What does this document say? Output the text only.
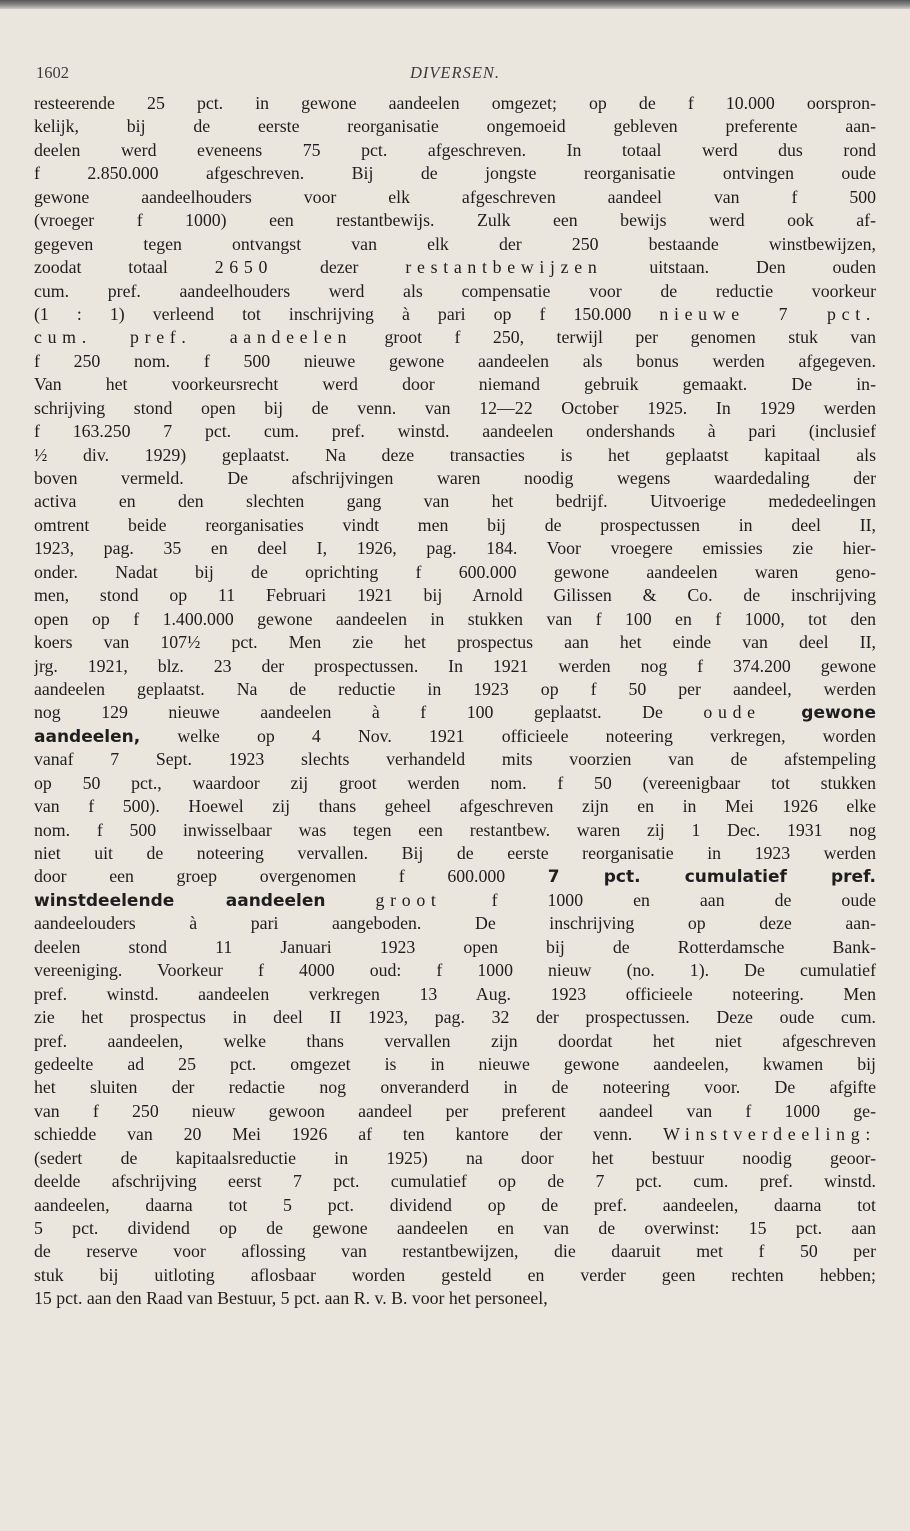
1602	DIVERSEN.
resteerende 25 pct. in gewone aandeelen omgezet; op de f 10.000 oorspron-
kelijk, bij de eerste reorganisatie ongemoeid gebleven preferente aan-
deelen werd eveneens 75 pct. afgeschreven. In totaal werd dus rond
f 2.850.000 afgeschreven. Bij de jongste reorganisatie ontvingen oude
gewone aandeelhouders voor elk afgeschreven aandeel van f 500
(vroeger f 1000) een restantbewijs. Zulk een bewijs werd ook af-
gegeven tegen ontvangst van elk der 250 bestaande winstbewijzen,
zoodat totaal 2650 dezer restantbewijzen uitstaan. Den ouden
cum. pref. aandeelhouders werd als compensatie voor de reductie voorkeur
(1 : 1) verleend tot inschrijving à pari op f 150.000 nieuwe 7 pct.
cum. pref. aandeelen groot f 250, terwijl per genomen stuk van
f 250 nom. f 500 nieuwe gewone aandeelen als bonus werden afgegeven.
Van het voorkeursrecht werd door niemand gebruik gemaakt. De in-
schrijving stond open bij de venn. van 12—22 October 1925. In 1929 werden
f 163.250 7 pct. cum. pref. winstd. aandeelen ondershands à pari (inclusief
½ div. 1929) geplaatst. Na deze transacties is het geplaatst kapitaal als
boven vermeld. De afschrijvingen waren noodig wegens waardedaling der
activa en den slechten gang van het bedrijf. Uitvoerige mededeelingen
omtrent beide reorganisaties vindt men bij de prospectussen in deel II,
1923, pag. 35 en deel I, 1926, pag. 184. Voor vroegere emissies zie hier-
onder. Nadat bij de oprichting f 600.000 gewone aandeelen waren geno-
men, stond op 11 Februari 1921 bij Arnold Gilissen & Co. de inschrijving
open op f 1.400.000 gewone aandeelen in stukken van f 100 en f 1000, tot den
koers van 107½ pct. Men zie het prospectus aan het einde van deel II,
jrg. 1921, blz. 23 der prospectussen. In 1921 werden nog f 374.200 gewone
aandeelen geplaatst. Na de reductie in 1923 op f 50 per aandeel, werden
nog 129 nieuwe aandeelen à f 100 geplaatst. De oude gewone
aandeelen, welke op 4 Nov. 1921 officieele noteering verkregen, worden
vanaf 7 Sept. 1923 slechts verhandeld mits voorzien van de afstempeling
op 50 pct., waardoor zij groot werden nom. f 50 (vereenigbaar tot stukken
van f 500). Hoewel zij thans geheel afgeschreven zijn en in Mei 1926 elke
nom. f 500 inwisselbaar was tegen een restantbew. waren zij 1 Dec. 1931 nog
niet uit de noteering vervallen. Bij de eerste reorganisatie in 1923 werden
door een groep overgenomen f 600.000 7 pct. cumulatief pref.
winstdeelende aandeelen	groot f 1000 en aan de oude
aandeelouders à pari aangeboden. De inschrijving op deze aan-
deelen stond 11 Januari 1923 open bij de Rotterdamsche Bank-
vereeniging. Voorkeur f 4000 oud: f 1000 nieuw (no. 1). De cumulatief
pref. winstd. aandeelen verkregen 13 Aug. 1923 officieele noteering. Men
zie het prospectus in deel II 1923, pag. 32 der prospectussen. Deze oude cum.
pref. aandeelen, welke thans vervallen zijn doordat het niet afgeschreven
gedeelte ad 25 pct. omgezet is in nieuwe gewone aandeelen, kwamen bij
het sluiten der redactie nog onveranderd in de noteering voor. De afgifte
van f 250 nieuw gewoon aandeel per preferent aandeel van f 1000 ge-
schiedde van 20 Mei 1926 af ten kantore der venn. Winstverdeeling:
(sedert de kapitaalsreductie in 1925) na door het bestuur noodig geoor-
deelde afschrijving eerst 7 pct. cumulatief op de 7 pct. cum. pref. winstd.
aandeelen, daarna tot 5 pct. dividend op de pref. aandeelen, daarna tot
5 pct. dividend op de gewone aandeelen en van de overwinst: 15 pct. aan
de reserve voor aflossing van restantbewijzen, die daaruit met f 50 per
stuk bij uitloting aflosbaar worden gesteld en verder geen rechten hebben;
15 pct. aan den Raad van Bestuur, 5 pct. aan R. v. B. voor het personeel,
